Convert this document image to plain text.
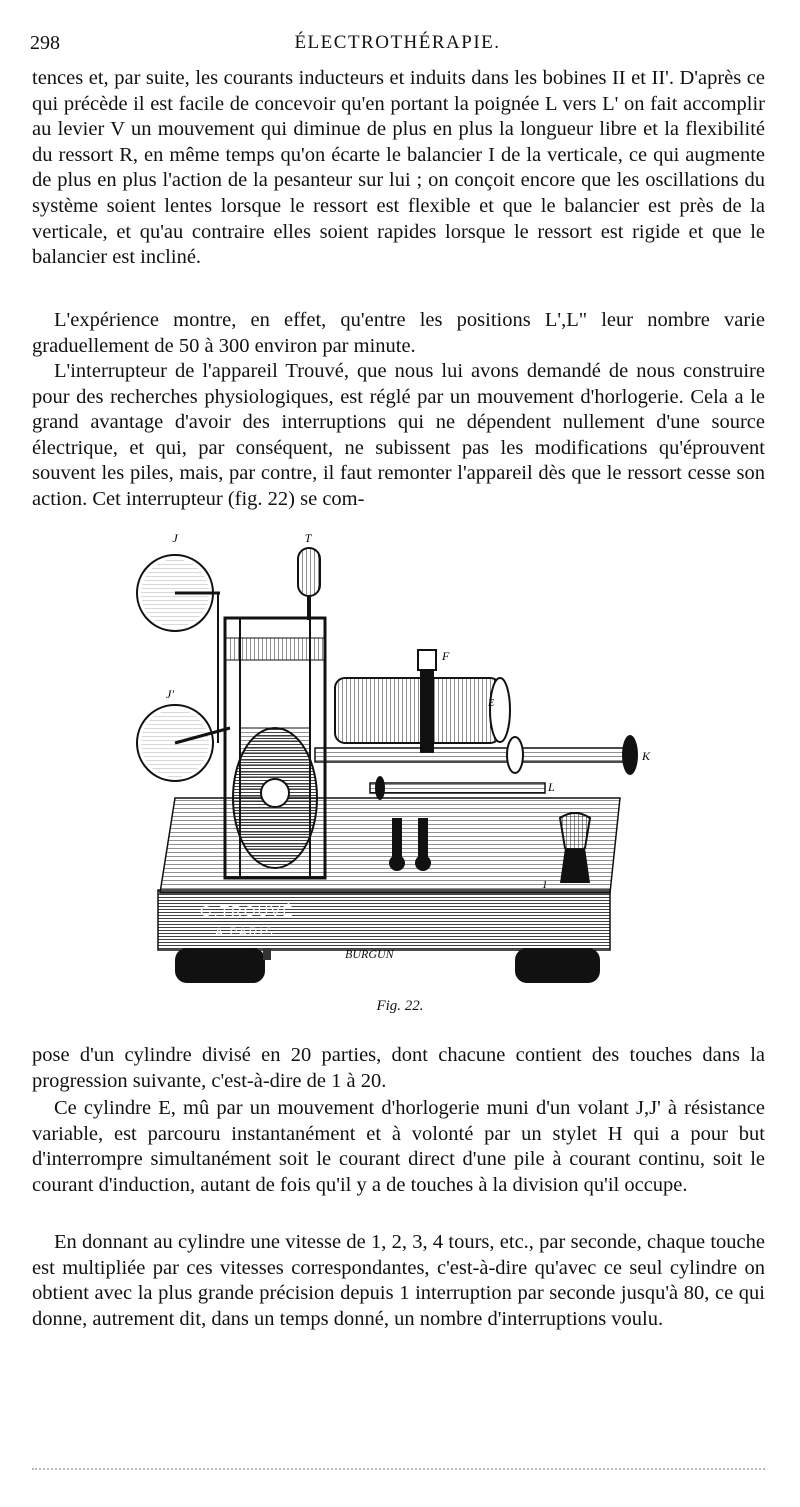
298	ÉLECTROTHÉRAPIE.

tences et, par suite, les courants inducteurs et induits dans les bobines II et II'. D'après ce qui précède il est facile de concevoir qu'en portant la poignée L vers L' on fait accomplir au levier V un mouvement qui diminue de plus en plus la longueur libre et la flexibilité du ressort R, en même temps qu'on écarte le balancier I de la verticale, ce qui augmente de plus en plus l'action de la pesanteur sur lui ; on conçoit encore que les oscillations du système soient lentes lorsque le ressort est flexible et que le balancier est près de la verticale, et qu'au contraire elles soient rapides lorsque le ressort est rigide et que le balancier est incliné.

L'expérience montre, en effet, qu'entre les positions L',L" leur nombre varie graduellement de 50 à 300 environ par minute.

L'interrupteur de l'appareil Trouvé, que nous lui avons demandé de nous construire pour des recherches physiologiques, est réglé par un mouvement d'horlogerie. Cela a le grand avantage d'avoir des interruptions qui ne dépendent nullement d'une source électrique, et qui, par conséquent, ne subissent pas les modifications qu'éprouvent souvent les piles, mais, par contre, il faut remonter l'appareil dès que le ressort cesse son action. Cet interrupteur (fig. 22) se com-

G.TROUVÉ
A PARIS
BURGUN
T
J
J'
E
F
K
L
1
Fig. 22.

pose d'un cylindre divisé en 20 parties, dont chacune contient des touches dans la progression suivante, c'est-à-dire de 1 à 20.

Ce cylindre E, mû par un mouvement d'horlogerie muni d'un volant J,J' à résistance variable, est parcouru instantanément et à volonté par un stylet H qui a pour but d'interrompre simultanément soit le courant direct d'une pile à courant continu, soit le courant d'induction, autant de fois qu'il y a de touches à la division qu'il occupe.

En donnant au cylindre une vitesse de 1, 2, 3, 4 tours, etc., par seconde, chaque touche est multipliée par ces vitesses correspondantes, c'est-à-dire qu'avec ce seul cylindre on obtient avec la plus grande précision depuis 1 interruption par seconde jusqu'à 80, ce qui donne, autrement dit, dans un temps donné, un nombre d'interruptions voulu.
